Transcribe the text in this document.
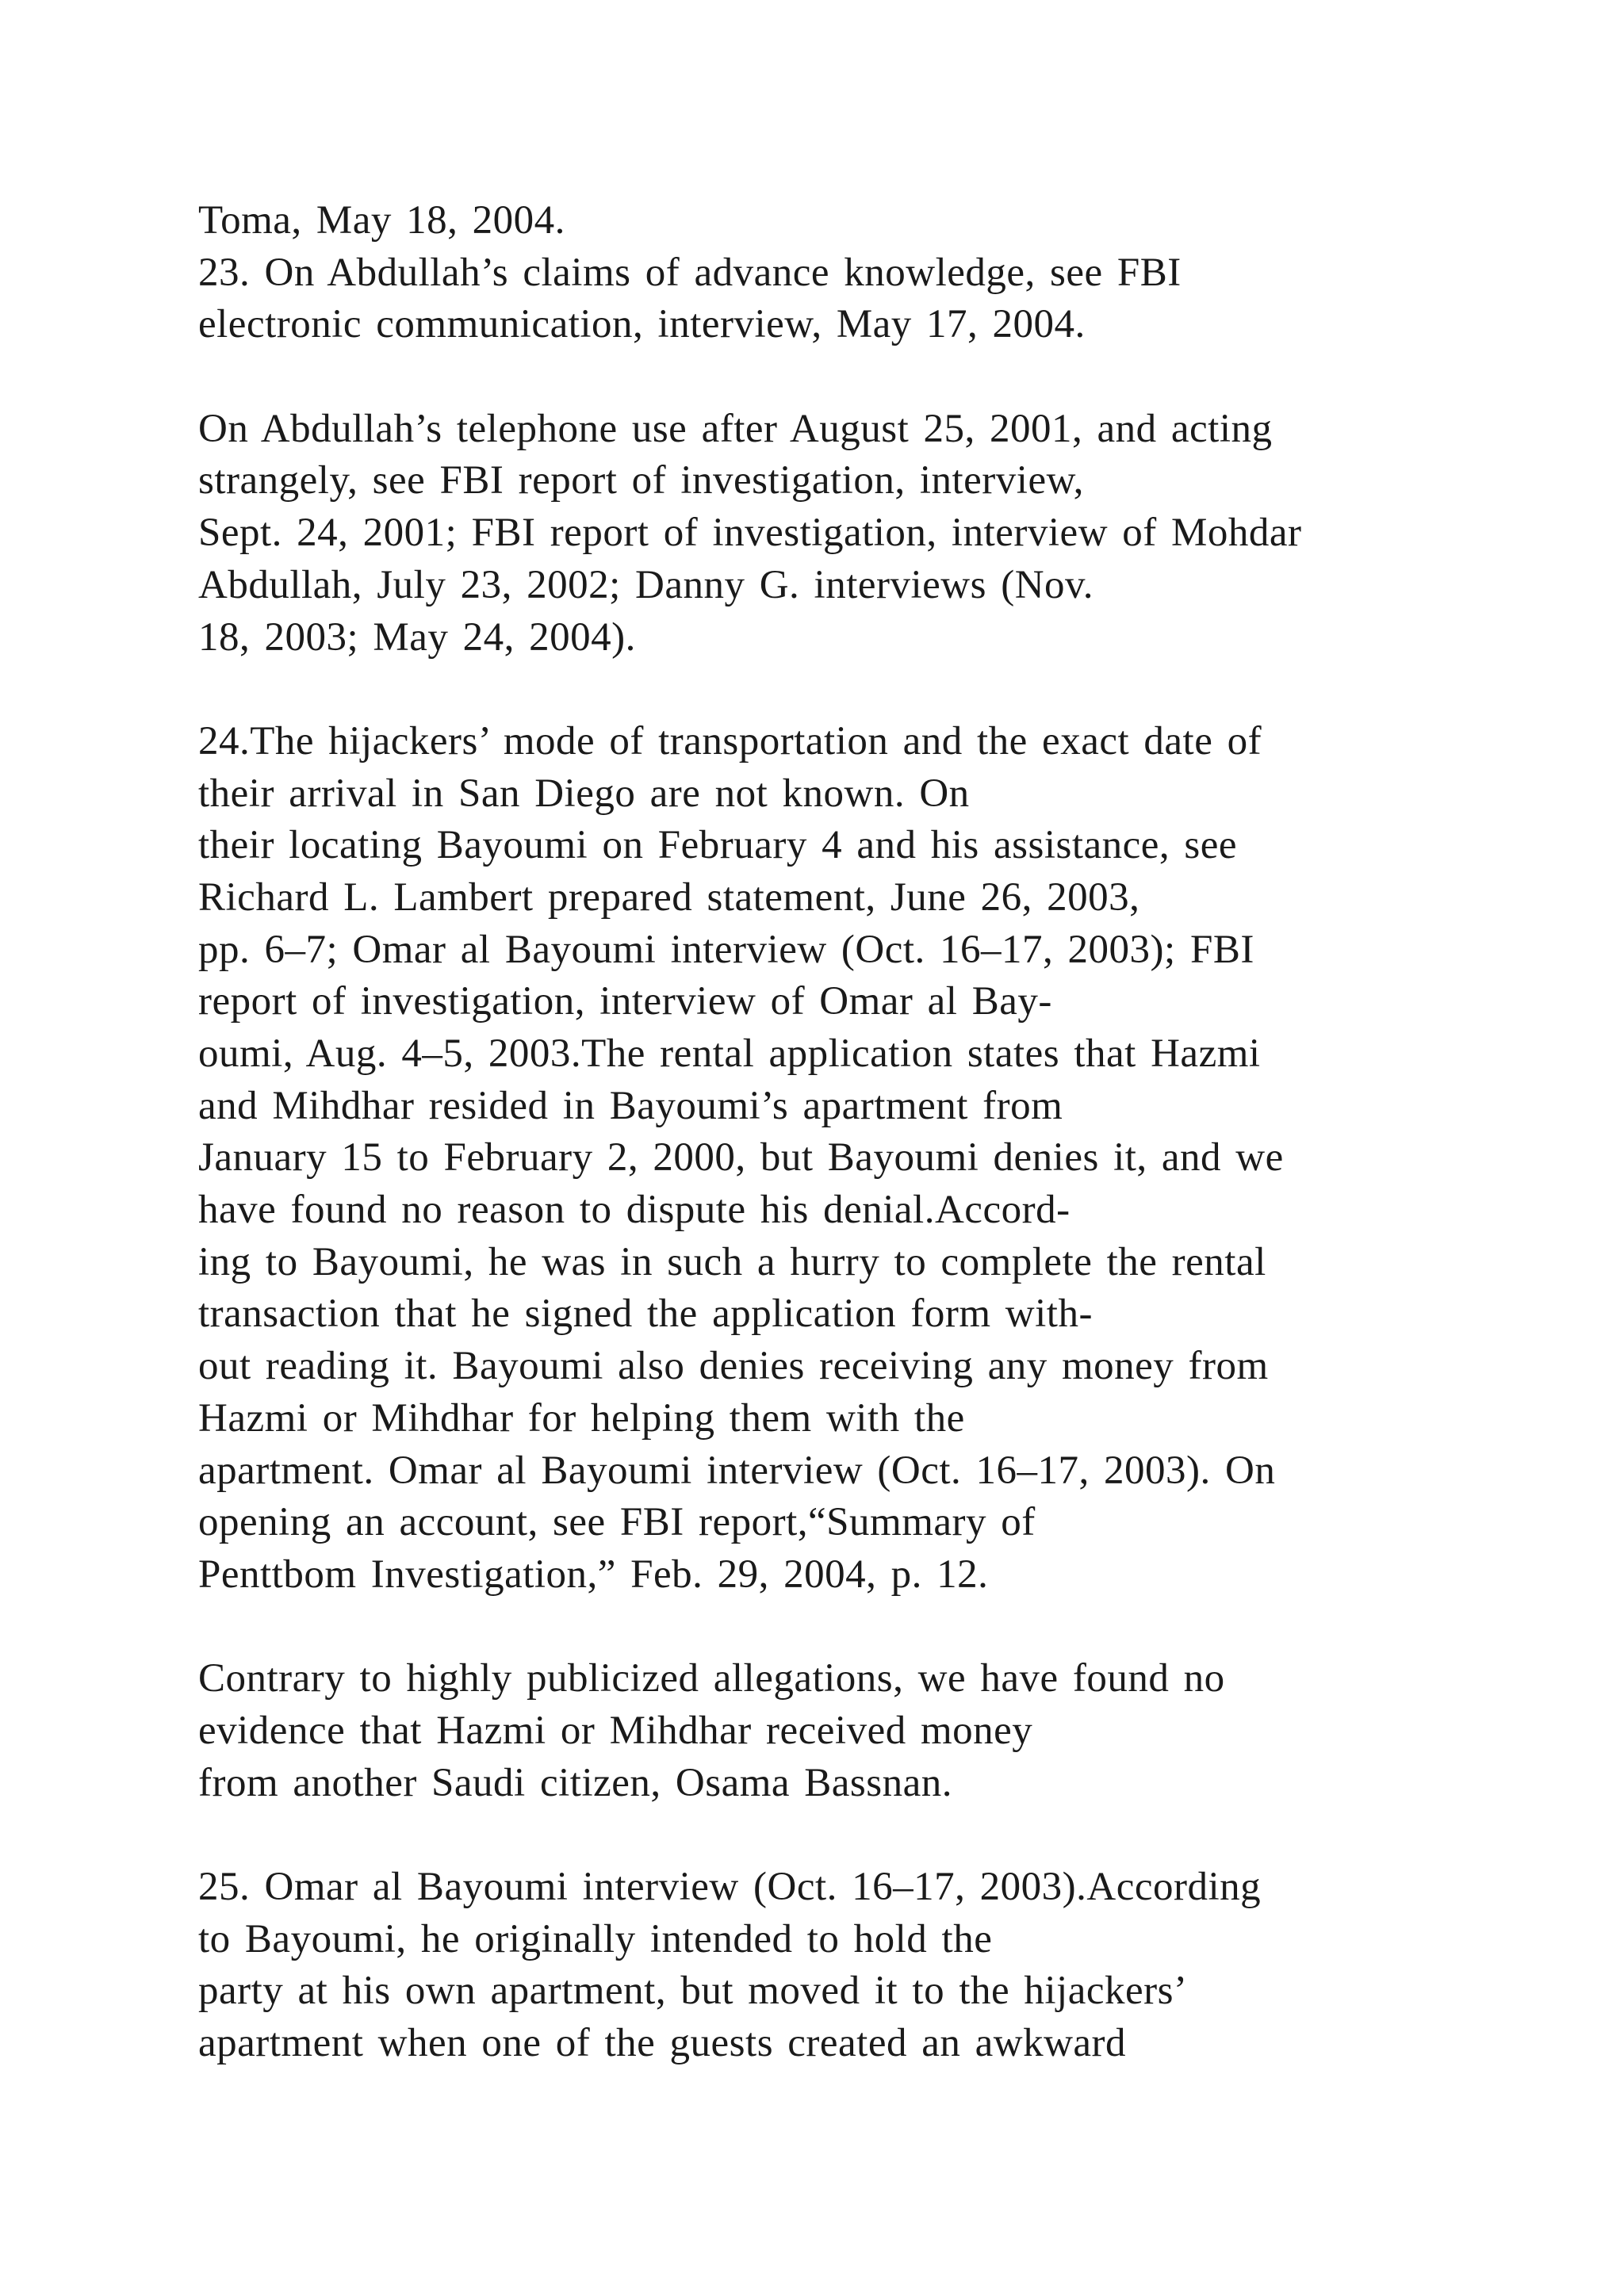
Toma, May 18, 2004.
23. On Abdullah’s claims of advance knowledge, see FBI
electronic communication, interview, May 17, 2004.
On Abdullah’s telephone use after August 25, 2001, and acting
strangely, see FBI report of investigation, interview,
Sept. 24, 2001; FBI report of investigation, interview of Mohdar
Abdullah, July 23, 2002; Danny G. interviews (Nov.
18, 2003; May 24, 2004).
24.The hijackers’ mode of transportation and the exact date of
their arrival in San Diego are not known. On
their locating Bayoumi on February 4 and his assistance, see
Richard L. Lambert prepared statement, June 26, 2003,
pp. 6–7; Omar al Bayoumi interview (Oct. 16–17, 2003); FBI
report of investigation, interview of Omar al Bay-
oumi, Aug. 4–5, 2003.The rental application states that Hazmi
and Mihdhar resided in Bayoumi’s apartment from
January 15 to February 2, 2000, but Bayoumi denies it, and we
have found no reason to dispute his denial.Accord-
ing to Bayoumi, he was in such a hurry to complete the rental
transaction that he signed the application form with-
out reading it. Bayoumi also denies receiving any money from
Hazmi or Mihdhar for helping them with the
apartment. Omar al Bayoumi interview (Oct. 16–17, 2003). On
opening an account, see FBI report,“Summary of
Penttbom Investigation,” Feb. 29, 2004, p. 12.
Contrary to highly publicized allegations, we have found no
evidence that Hazmi or Mihdhar received money
from another Saudi citizen, Osama Bassnan.
25. Omar al Bayoumi interview (Oct. 16–17, 2003).According
to Bayoumi, he originally intended to hold the
party at his own apartment, but moved it to the hijackers’
apartment when one of the guests created an awkward
